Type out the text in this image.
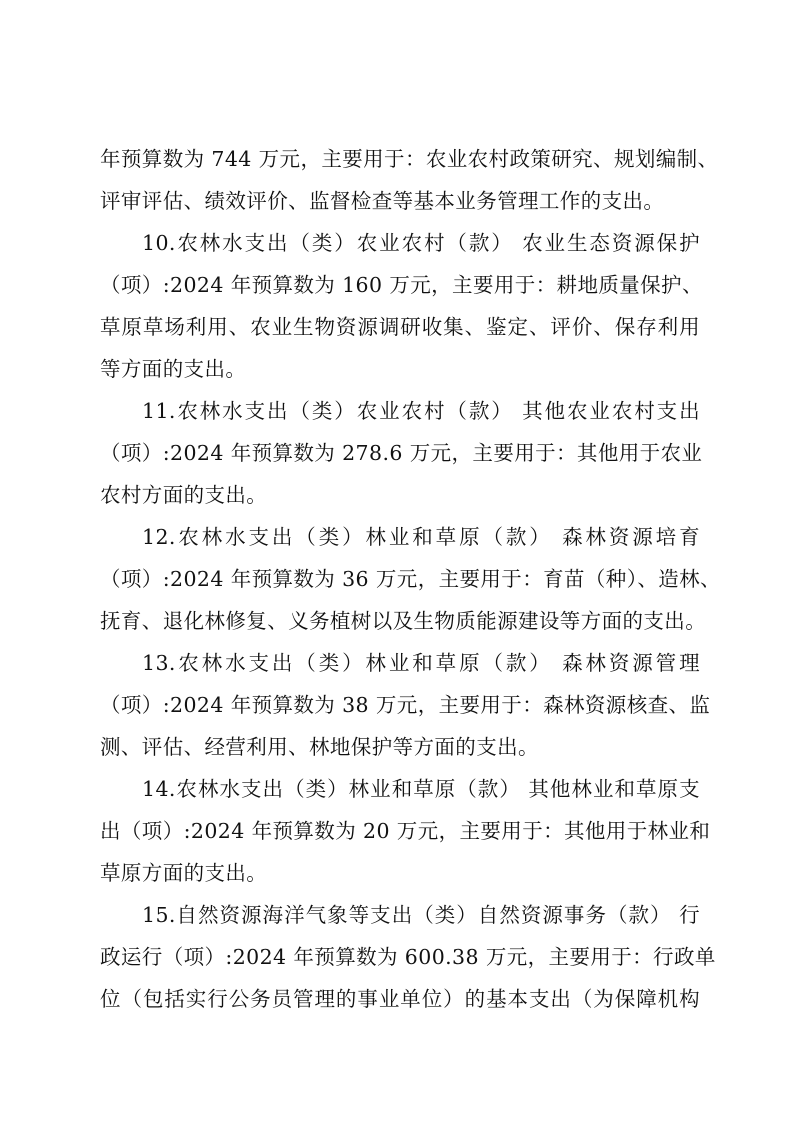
年预算数为 744 万元，主要用于：农业农村政策研究、规划编制、
评审评估、绩效评价、监督检查等基本业务管理工作的支出。
10.农林水支出（类）农业农村（款） 农业生态资源保护
（项）:2024 年预算数为 160 万元，主要用于：耕地质量保护、
草原草场利用、农业生物资源调研收集、鉴定、评价、保存利用
等方面的支出。
11.农林水支出（类）农业农村（款） 其他农业农村支出
（项）:2024 年预算数为 278.6 万元，主要用于：其他用于农业
农村方面的支出。
12.农林水支出（类）林业和草原（款） 森林资源培育
（项）:2024 年预算数为 36 万元，主要用于：育苗（种）、造林、
抚育、退化林修复、义务植树以及生物质能源建设等方面的支出。
13.农林水支出（类）林业和草原（款） 森林资源管理
（项）:2024 年预算数为 38 万元，主要用于：森林资源核查、监
测、评估、经营利用、林地保护等方面的支出。
14.农林水支出（类）林业和草原（款） 其他林业和草原支
出（项）:2024 年预算数为 20 万元，主要用于：其他用于林业和
草原方面的支出。
15.自然资源海洋气象等支出（类）自然资源事务（款） 行
政运行（项）:2024 年预算数为 600.38 万元，主要用于：行政单
位（包括实行公务员管理的事业单位）的基本支出（为保障机构
